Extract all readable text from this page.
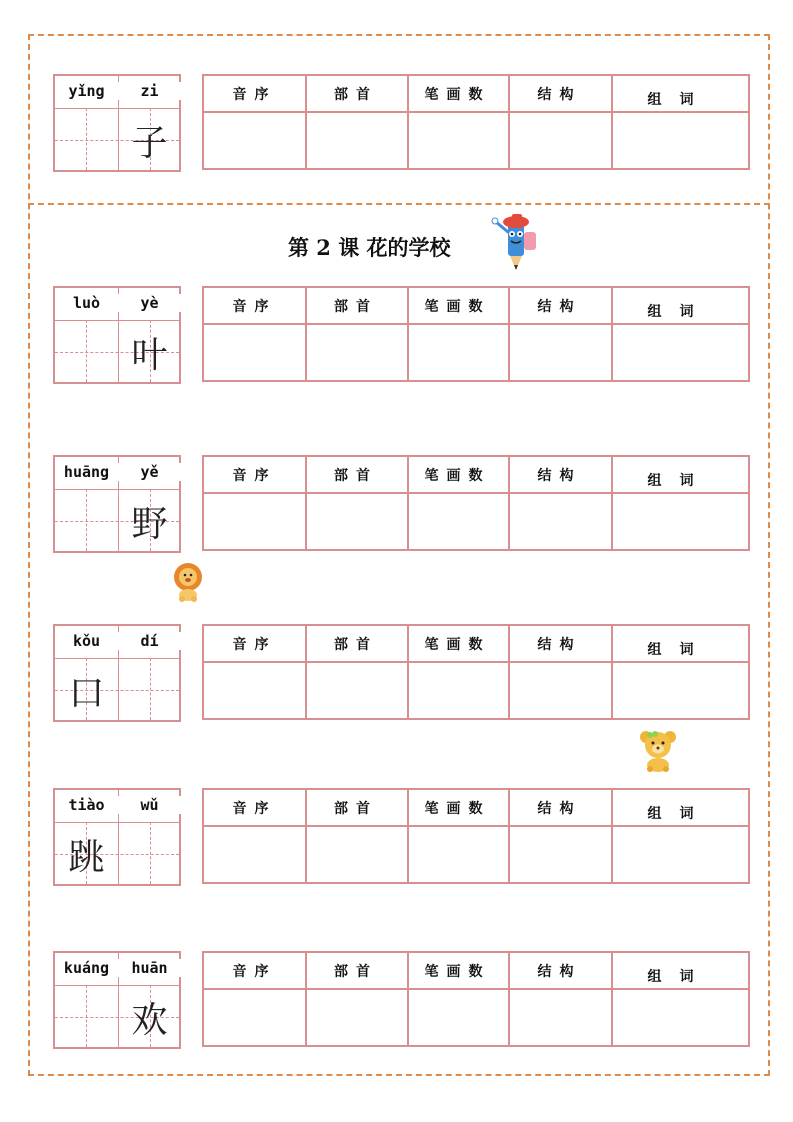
第 2 课 花的学校
yǐng	zi
子
音序	部首	笔画数	结构	组词
luò	yè
叶
音序	部首	笔画数	结构	组词
huāng	yě
野
音序	部首	笔画数	结构	组词
kǒu	dí
口
音序	部首	笔画数	结构	组词
tiào	wǔ
跳
音序	部首	笔画数	结构	组词
kuáng	huān
欢
音序	部首	笔画数	结构	组词
